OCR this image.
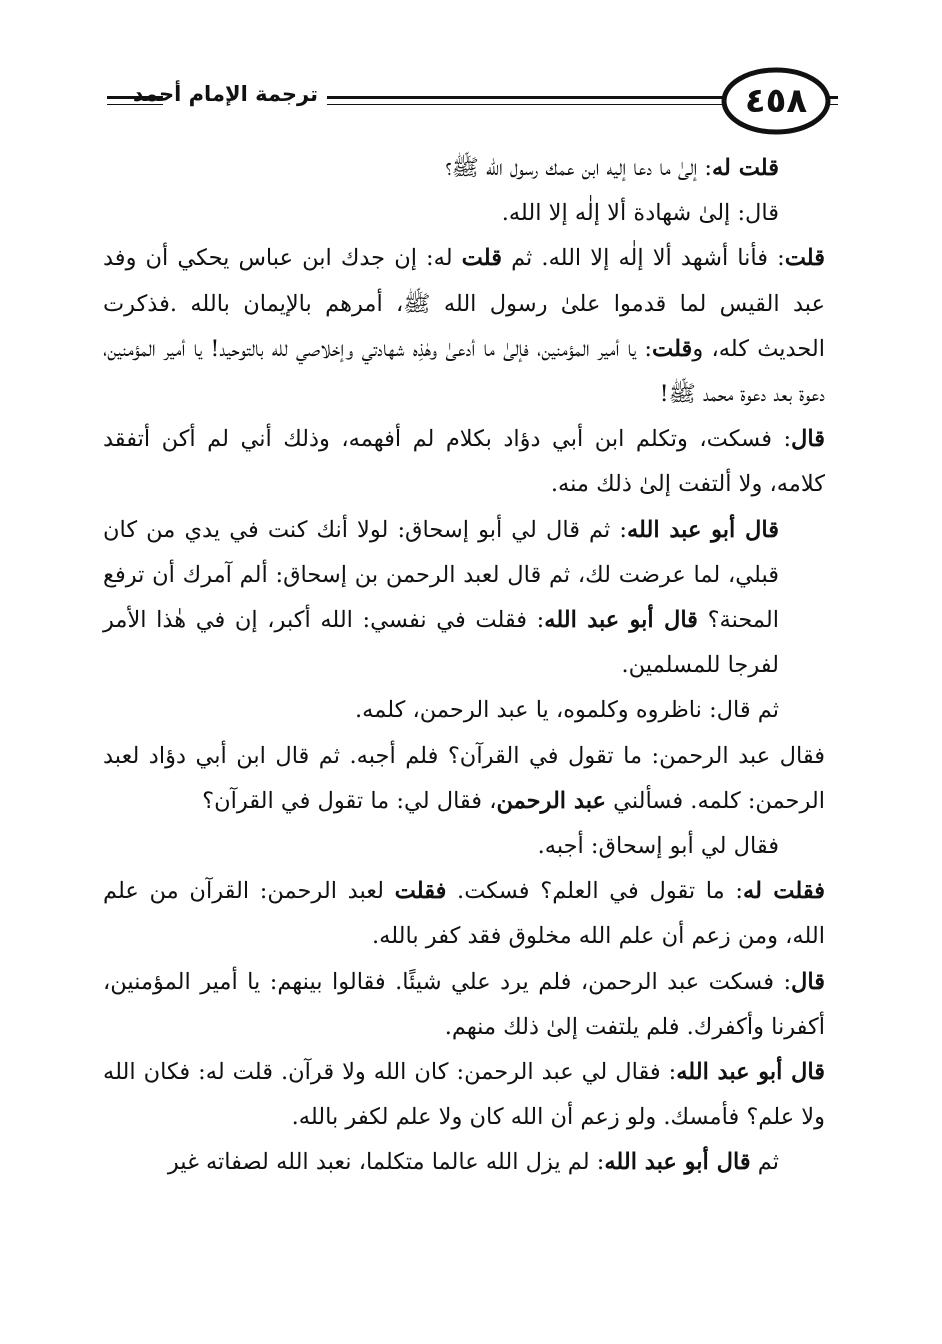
٤٥٨
ترجمة الإمام أحمد

قلت له: إلىٰ ما دعا إليه ابن عمك رسول الله ﷺ؟

قال: إلىٰ شهادة ألا إلٰه إلا الله.

قلت: فأنا أشهد ألا إلٰه إلا الله. ثم قلت له: إن جدك ابن عباس يحكي أن وفد عبد القيس لما قدموا علىٰ رسول الله ﷺ، أمرهم بالإيمان بالله .فذكرت الحديث كله، وقلت: يا أمير المؤمنين، فإلىٰ ما أدعىٰ وهٰذِه شهادتي وإخلاصي لله بالتوحيد! يا أمير المؤمنين، دعوة بعد دعوة محمد ﷺ!

قال: فسكت، وتكلم ابن أبي دؤاد بكلام لم أفهمه، وذلك أني لم أكن أتفقد كلامه، ولا ألتفت إلىٰ ذلك منه.

قال أبو عبد الله: ثم قال لي أبو إسحاق: لولا أنك كنت في يدي من كان قبلي، لما عرضت لك، ثم قال لعبد الرحمن بن إسحاق: ألم آمرك أن ترفع المحنة؟ قال أبو عبد الله: فقلت في نفسي: الله أكبر، إن في هٰذا الأمر لفرجا للمسلمين.

ثم قال: ناظروه وكلموه، يا عبد الرحمن، كلمه.

فقال عبد الرحمن: ما تقول في القرآن؟ فلم أجبه. ثم قال ابن أبي دؤاد لعبد الرحمن: كلمه. فسألني عبد الرحمن، فقال لي: ما تقول في القرآن؟

فقال لي أبو إسحاق: أجبه.

فقلت له: ما تقول في العلم؟ فسكت. فقلت لعبد الرحمن: القرآن من علم الله، ومن زعم أن علم الله مخلوق فقد كفر بالله.

قال: فسكت عبد الرحمن، فلم يرد علي شيئًا. فقالوا بينهم: يا أمير المؤمنين، أكفرنا وأكفرك. فلم يلتفت إلىٰ ذلك منهم.

قال أبو عبد الله: فقال لي عبد الرحمن: كان الله ولا قرآن. قلت له: فكان الله ولا علم؟ فأمسك. ولو زعم أن الله كان ولا علم لكفر بالله.

ثم قال أبو عبد الله: لم يزل الله عالما متكلما، نعبد الله لصفاته غير
